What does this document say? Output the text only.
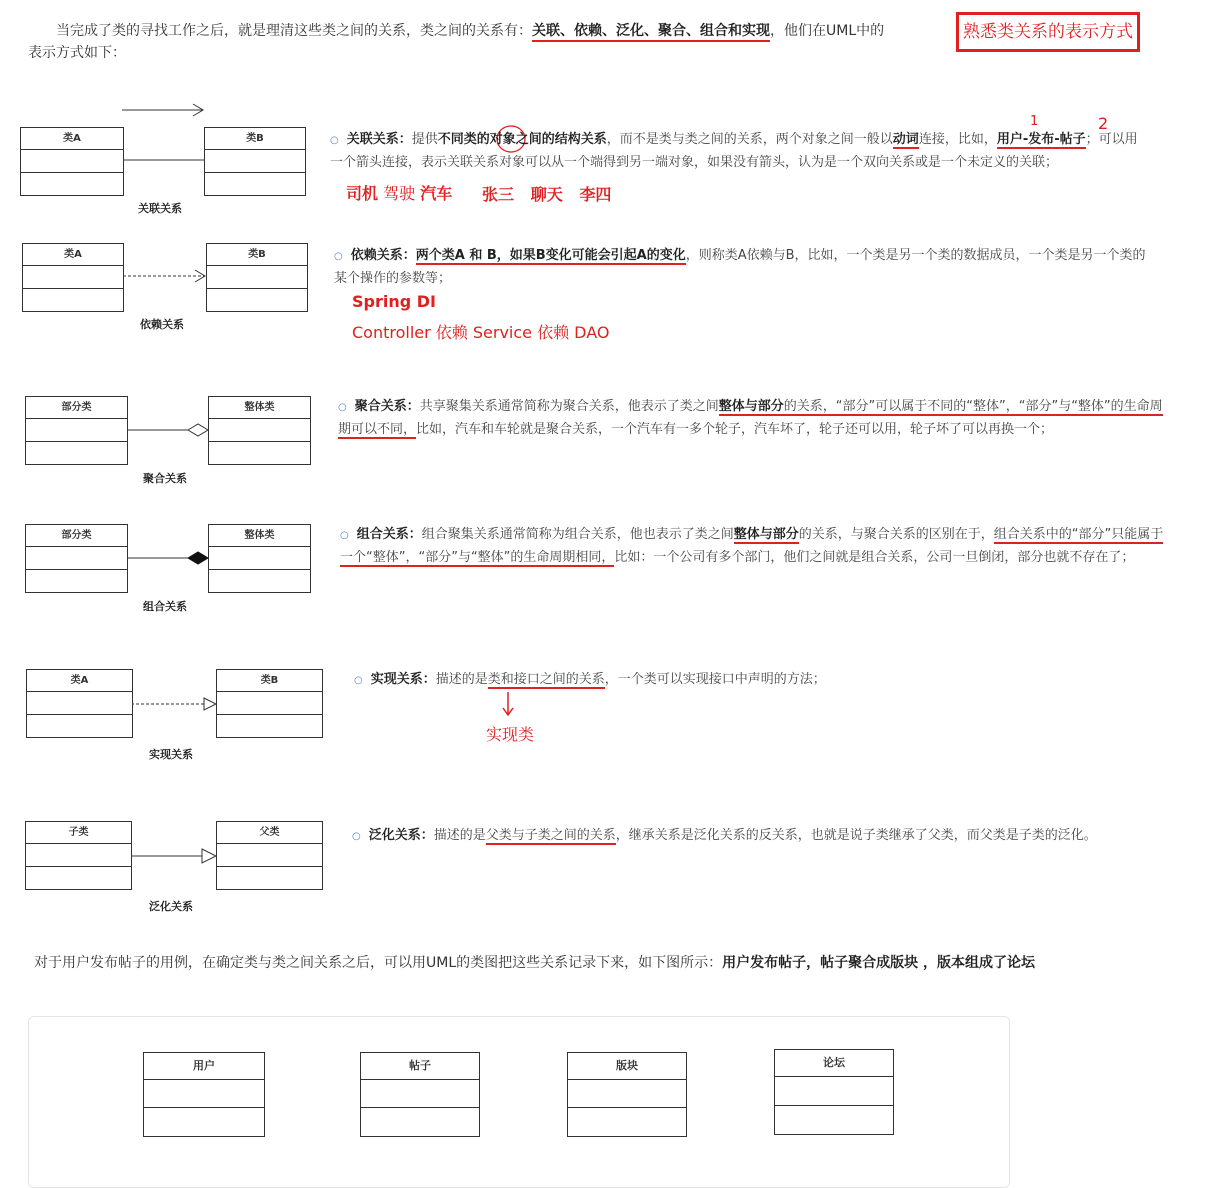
当完成了类的寻找工作之后，就是理清这些类之间的关系，类之间的关系有：关联、依赖、泛化、聚合、组合和实现，他们在UML中的
表示方式如下：
熟悉类关系的表示方式
类A	类B
关联关系
○ 关联关系：提供不同类的对象之间的结构关系，而不是类与类之间的关系，两个对象之间一般以动词连接，比如，用户-发布-帖子；可以用一个箭头连接，表示关联关系对象可以从一个端得到另一端对象，如果没有箭头，认为是一个双向关系或是一个未定义的关联；
1	2
司机 驾驶 汽车 张三   聊天   李四
类A	类B
依赖关系
○ 依赖关系：两个类A 和 B，如果B变化可能会引起A的变化，则称类A依赖与B，比如，一个类是另一个类的数据成员，一个类是另一个类的某个操作的参数等；
Spring DI
Controller 依赖 Service 依赖 DAO
部分类	整体类
聚合关系
○ 聚合关系：共享聚集关系通常简称为聚合关系，他表示了类之间整体与部分的关系，“部分”可以属于不同的“整体”，“部分”与“整体”的生命周期可以不同，比如，汽车和车轮就是聚合关系，一个汽车有一多个轮子，汽车坏了，轮子还可以用，轮子坏了可以再换一个；
部分类	整体类
组合关系
○ 组合关系：组合聚集关系通常简称为组合关系，他也表示了类之间整体与部分的关系，与聚合关系的区别在于，组合关系中的“部分”只能属于一个“整体”，“部分”与“整体”的生命周期相同，比如：一个公司有多个部门，他们之间就是组合关系，公司一旦倒闭，部分也就不存在了；
类A	类B
实现关系
○ 实现关系：描述的是类和接口之间的关系，一个类可以实现接口中声明的方法；
实现类
子类	父类
泛化关系
○ 泛化关系：描述的是父类与子类之间的关系，继承关系是泛化关系的反关系，也就是说子类继承了父类，而父类是子类的泛化。
对于用户发布帖子的用例，在确定类与类之间关系之后，可以用UML的类图把这些关系记录下来，如下图所示：用户发布帖子，帖子聚合成版块 ，版本组成了论坛
用户	帖子	版块	论坛
